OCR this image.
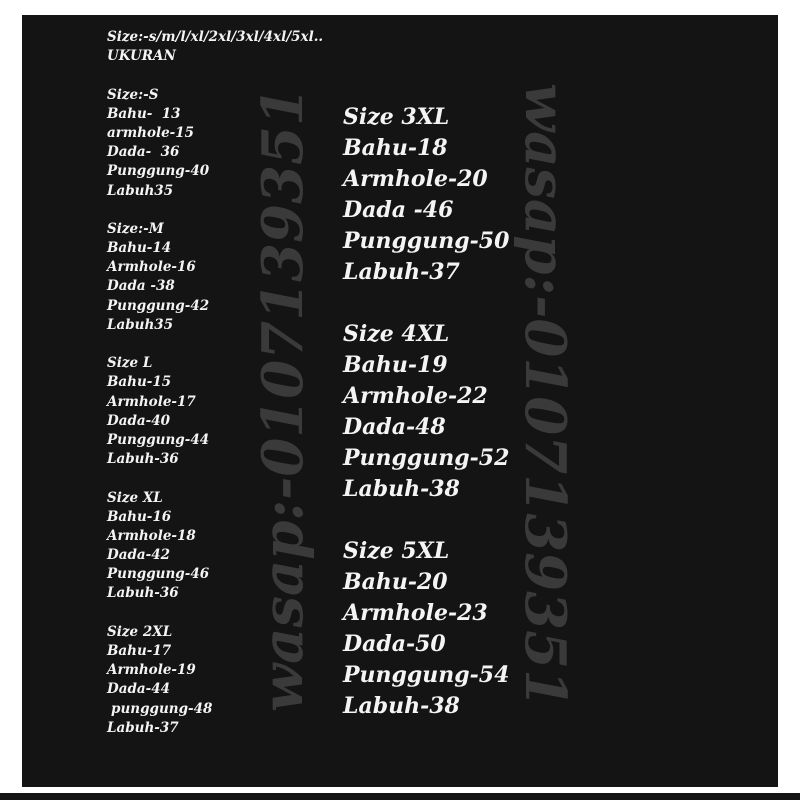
wasap:-0107139351	wasap:-0107139351
Size:-s/m/l/xl/2xl/3xl/4xl/5xl..
UKURAN
Size:-S
Bahu-  13
armhole-15
Dada-  36
Punggung-40
Labuh35
Size:-M
Bahu-14
Armhole-16
Dada -38
Punggung-42
Labuh35
Size L
Bahu-15
Armhole-17
Dada-40
Punggung-44
Labuh-36
Size XL
Bahu-16
Armhole-18
Dada-42
Punggung-46
Labuh-36
Size 2XL
Bahu-17
Armhole-19
Dada-44
punggung-48
Labuh-37
Size 3XL
Bahu-18
Armhole-20
Dada -46
Punggung-50
Labuh-37
Size 4XL
Bahu-19
Armhole-22
Dada-48
Punggung-52
Labuh-38
Size 5XL
Bahu-20
Armhole-23
Dada-50
Punggung-54
Labuh-38
